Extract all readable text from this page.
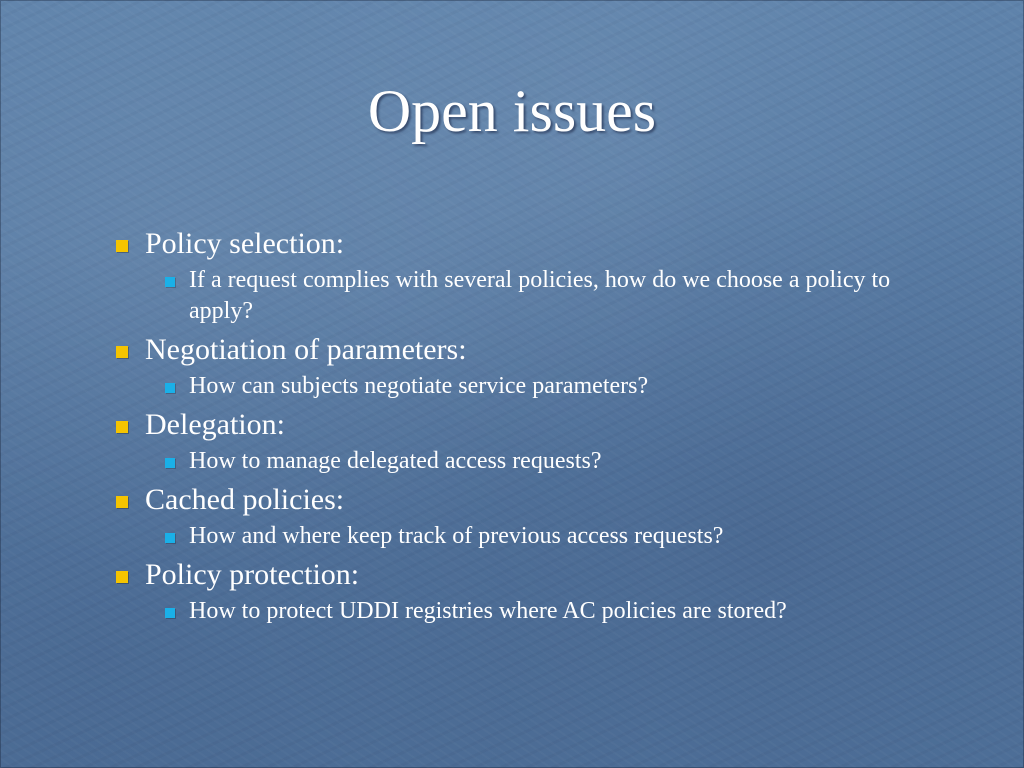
Open issues
Policy selection:
If a request complies with several policies, how do we choose a policy to apply?
Negotiation of parameters:
How can subjects negotiate service parameters?
Delegation:
How to manage delegated access requests?
Cached policies:
How and where keep track of previous access requests?
Policy protection:
How to protect UDDI registries where AC policies are stored?
